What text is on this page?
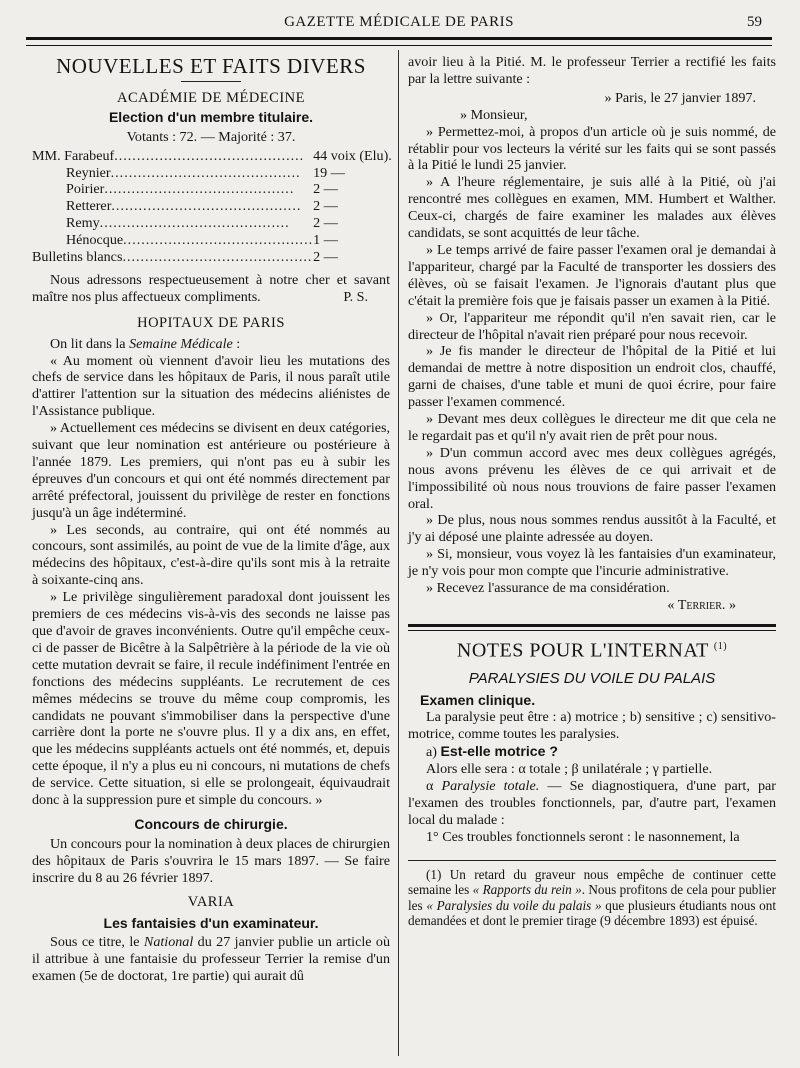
GAZETTE MÉDICALE DE PARIS	59
NOUVELLES ET FAITS DIVERS
ACADÉMIE DE MÉDECINE
Election d'un membre titulaire.
Votants : 72. — Majorité : 37.
MM. Farabeuf..........................................	44 voix (Elu).
Reynier..........................................	19 —
Poirier..........................................	2 —
Retterer..........................................	2 —
Remy..........................................	2 —
Hénocque..........................................	1 —
Bulletins blancs..........................................	2 —

Nous adressons respectueusement à notre cher et savant maître nos plus affectueux compliments.	P. S.
HOPITAUX DE PARIS

On lit dans la Semaine Médicale :

« Au moment où viennent d'avoir lieu les mutations des chefs de service dans les hôpitaux de Paris, il nous paraît utile d'attirer l'attention sur la situation des médecins aliénistes de l'Assistance publique.

» Actuellement ces médecins se divisent en deux catégories, suivant que leur nomination est antérieure ou postérieure à l'année 1879. Les premiers, qui n'ont pas eu à subir les épreuves d'un concours et qui ont été nommés directement par arrêté préfectoral, jouissent du privilège de rester en fonctions jusqu'à un âge indéterminé.

» Les seconds, au contraire, qui ont été nommés au concours, sont assimilés, au point de vue de la limite d'âge, aux médecins des hôpitaux, c'est-à-dire qu'ils sont mis à la retraite à soixante-cinq ans.

» Le privilège singulièrement paradoxal dont jouissent les premiers de ces médecins vis-à-vis des seconds ne laisse pas que d'avoir de graves inconvénients. Outre qu'il empêche ceux-ci de passer de Bicêtre à la Salpêtrière à la période de la vie où cette mutation devrait se faire, il recule indéfiniment l'entrée en fonctions des médecins suppléants. Le recrutement de ces mêmes médecins se trouve du même coup compromis, les candidats ne pouvant s'immobiliser dans la perspective d'une carrière dont la porte ne s'ouvre plus. Il y a dix ans, en effet, que les médecins suppléants actuels ont été nommés, et, depuis cette époque, il n'y a plus eu ni concours, ni mutations de chefs de service. Cette situation, si elle se prolongeait, équivaudrait donc à la suppression pure et simple du concours. »

Concours de chirurgie.

Un concours pour la nomination à deux places de chirurgien des hôpitaux de Paris s'ouvrira le 15 mars 1897. — Se faire inscrire du 8 au 26 février 1897.

VARIA
Les fantaisies d'un examinateur.

Sous ce titre, le National du 27 janvier publie un article où il attribue à une fantaisie du professeur Terrier la remise d'un examen (5e de doctorat, 1re partie) qui aurait dû

avoir lieu à la Pitié. M. le professeur Terrier a rectifié les faits par la lettre suivante :

» Paris, le 27 janvier 1897.
» Monsieur,

» Permettez-moi, à propos d'un article où je suis nommé, de rétablir pour vos lecteurs la vérité sur les faits qui se sont passés à la Pitié le lundi 25 janvier.

» A l'heure réglementaire, je suis allé à la Pitié, où j'ai rencontré mes collègues en examen, MM. Humbert et Walther. Ceux-ci, chargés de faire examiner les malades aux élèves candidats, se sont acquittés de leur tâche.

» Le temps arrivé de faire passer l'examen oral je demandai à l'appariteur, chargé par la Faculté de transporter les dossiers des élèves, où se faisait l'examen. Je l'ignorais d'autant plus que c'était la première fois que je faisais passer un examen à la Pitié.

» Or, l'appariteur me répondit qu'il n'en savait rien, car le directeur de l'hôpital n'avait rien préparé pour nous recevoir.

» Je fis mander le directeur de l'hôpital de la Pitié et lui demandai de mettre à notre disposition un endroit clos, chauffé, garni de chaises, d'une table et muni de quoi écrire, pour faire passer l'examen commencé.

» Devant mes deux collègues le directeur me dit que cela ne le regardait pas et qu'il n'y avait rien de prêt pour nous.

» D'un commun accord avec mes deux collègues agrégés, nous avons prévenu les élèves de ce qui arrivait et de l'impossibilité où nous nous trouvions de faire passer l'examen oral.

» De plus, nous nous sommes rendus aussitôt à la Faculté, et j'y ai déposé une plainte adressée au doyen.

» Si, monsieur, vous voyez là les fantaisies d'un examinateur, je n'y vois pour mon compte que l'incurie administrative.

» Recevez l'assurance de ma considération.

« Terrier. »
NOTES POUR L'INTERNAT $^{(1)}$
PARALYSIES DU VOILE DU PALAIS
Examen clinique.

La paralysie peut être : a) motrice ; b) sensitive ; c) sensitivo-motrice, comme toutes les paralysies.

a) Est-elle motrice ?

Alors elle sera : α totale ; β unilatérale ; γ partielle.

α Paralysie totale. — Se diagnostiquera, d'une part, par l'examen des troubles fonctionnels, par, d'autre part, l'examen local du malade :

1° Ces troubles fonctionnels seront : le nasonnement, la

(1) Un retard du graveur nous empêche de continuer cette semaine les « Rapports du rein ». Nous profitons de cela pour publier les « Paralysies du voile du palais » que plusieurs étudiants nous ont demandées et dont le premier tirage (9 décembre 1893) est épuisé.
